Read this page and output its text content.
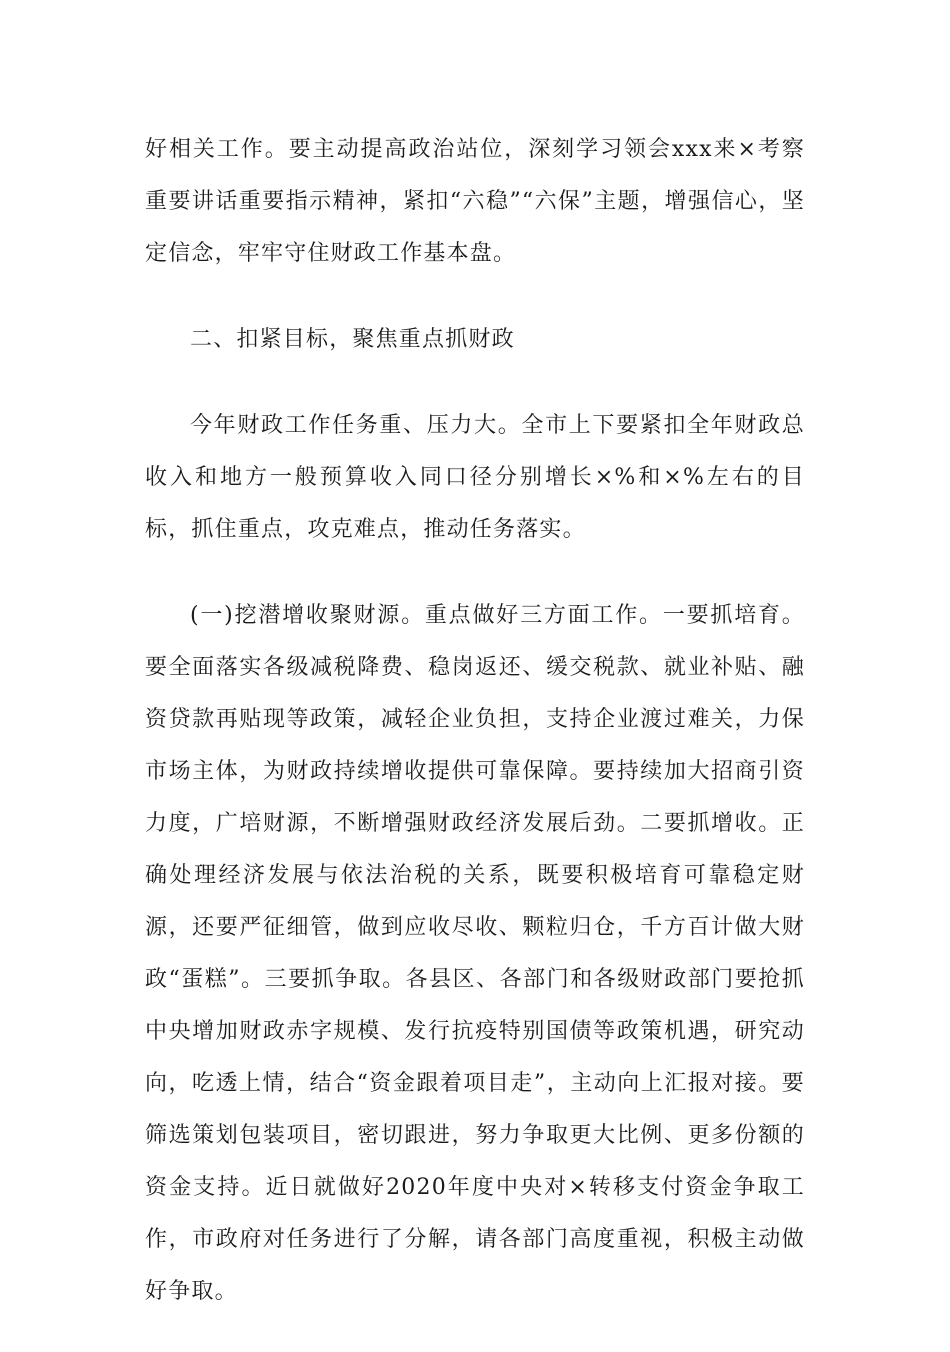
好相关工作。要主动提高政治站位，深刻学习领会xxx来×考察重要讲话重要指示精神，紧扣“六稳”“六保”主题，增强信心，坚定信念，牢牢守住财政工作基本盘。

二、扣紧目标，聚焦重点抓财政

今年财政工作任务重、压力大。全市上下要紧扣全年财政总收入和地方一般预算收入同口径分别增长×%和×%左右的目标，抓住重点，攻克难点，推动任务落实。

(一)挖潜增收聚财源。重点做好三方面工作。一要抓培育。要全面落实各级减税降费、稳岗返还、缓交税款、就业补贴、融资贷款再贴现等政策，减轻企业负担，支持企业渡过难关，力保市场主体，为财政持续增收提供可靠保障。要持续加大招商引资力度，广培财源，不断增强财政经济发展后劲。二要抓增收。正确处理经济发展与依法治税的关系，既要积极培育可靠稳定财源，还要严征细管，做到应收尽收、颗粒归仓，千方百计做大财政“蛋糕”。三要抓争取。各县区、各部门和各级财政部门要抢抓中央增加财政赤字规模、发行抗疫特别国债等政策机遇，研究动向，吃透上情，结合“资金跟着项目走”，主动向上汇报对接。要筛选策划包装项目，密切跟进，努力争取更大比例、更多份额的资金支持。近日就做好2020年度中央对×转移支付资金争取工作，市政府对任务进行了分解，请各部门高度重视，积极主动做好争取。
